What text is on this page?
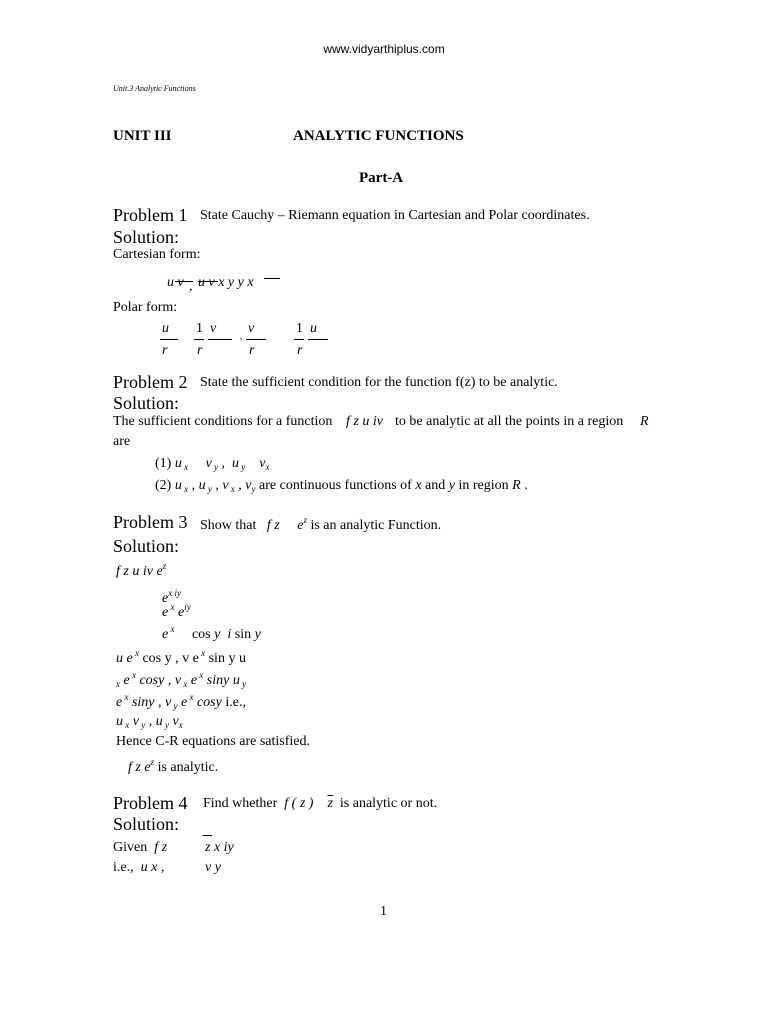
www.vidyarthiplus.com
Unit.3 Analytic Functions
UNIT III	ANALYTIC FUNCTIONS
Part-A
Problem 1 State Cauchy – Riemann equation in Cartesian and Polar coordinates.
Solution:
Cartesian form:
u v , u v x y y x
Polar form:
u
r
1
r
v	, v
r
1
r
u
Problem 2 State the sufficient condition for the function f(z) to be analytic.
Solution:
The sufficient conditions for a function f z u iv to be analytic at all the points in a region R
are
(1) u $_x$ v $_y$ ,  u $_y$ $v_x$
(2) u $_x$ , u $_y$ , v $_x$ , $v_y$ are continuous functions of x and y in region R .
Problem 3 Show that f z $e^z$ is an analytic Function.
Solution:
f z u iv $e^z$
$e^{x iy}$
e $^x$ $e^{iy}$
e $^x$ cos y i sin y
u e $^x$ cos y , v e $^x$ sin y u
$_x$ e $^x$ cosy , v $_x$ e $^x$ siny u $_y$
e $^x$ siny , v $_y$ e $^x$ cosy i.e.,
u $_x$ v $_y$ , u $_y$ $v_x$
Hence C-R equations are satisfied.
f z $e^z$ is analytic.
Problem 4 Find whether f ( z ) $\overline{z}$ is analytic or not.
Solution:
Given f z	z x iy
i.e., u x ,	v y
1
